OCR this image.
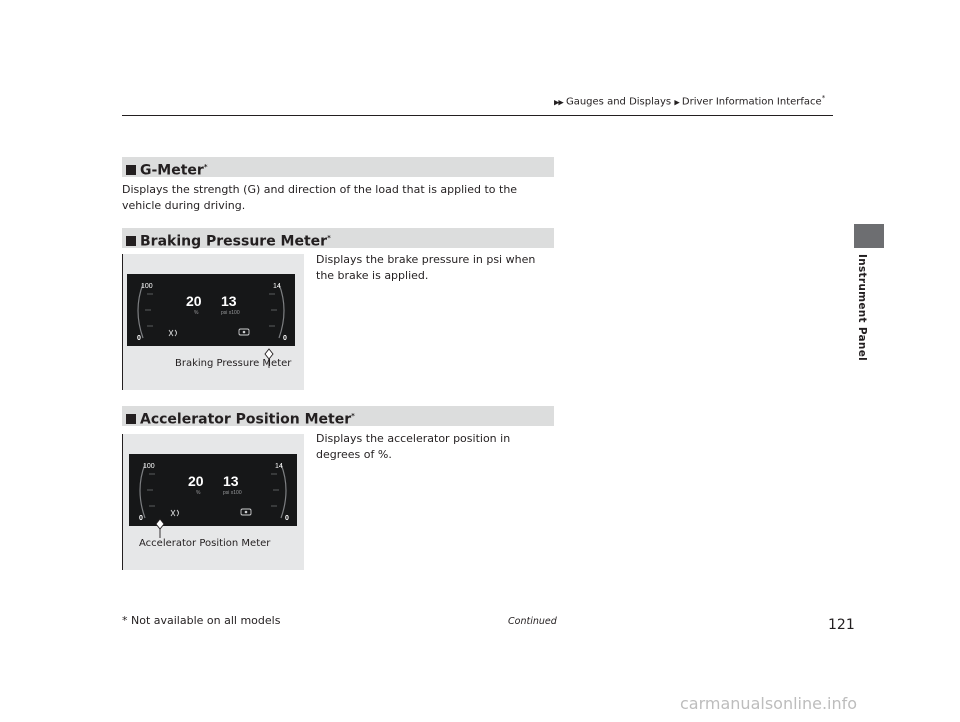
▶▶ Gauges and Displays ▶ Driver Information Interface*
Instrument Panel
G-Meter*
Displays the strength (G) and direction of the load that is applied to the vehicle during driving.
Braking Pressure Meter*
Displays the brake pressure in psi when the brake is applied.
100
0
14
0
20
%
13
psi x100
Braking Pressure Meter
Accelerator Position Meter*
Displays the accelerator position in degrees of %.
100
0
14
0
20
%
13
psi x100
Accelerator Position Meter
* Not available on all models	Continued	121
carmanualsonline.info
